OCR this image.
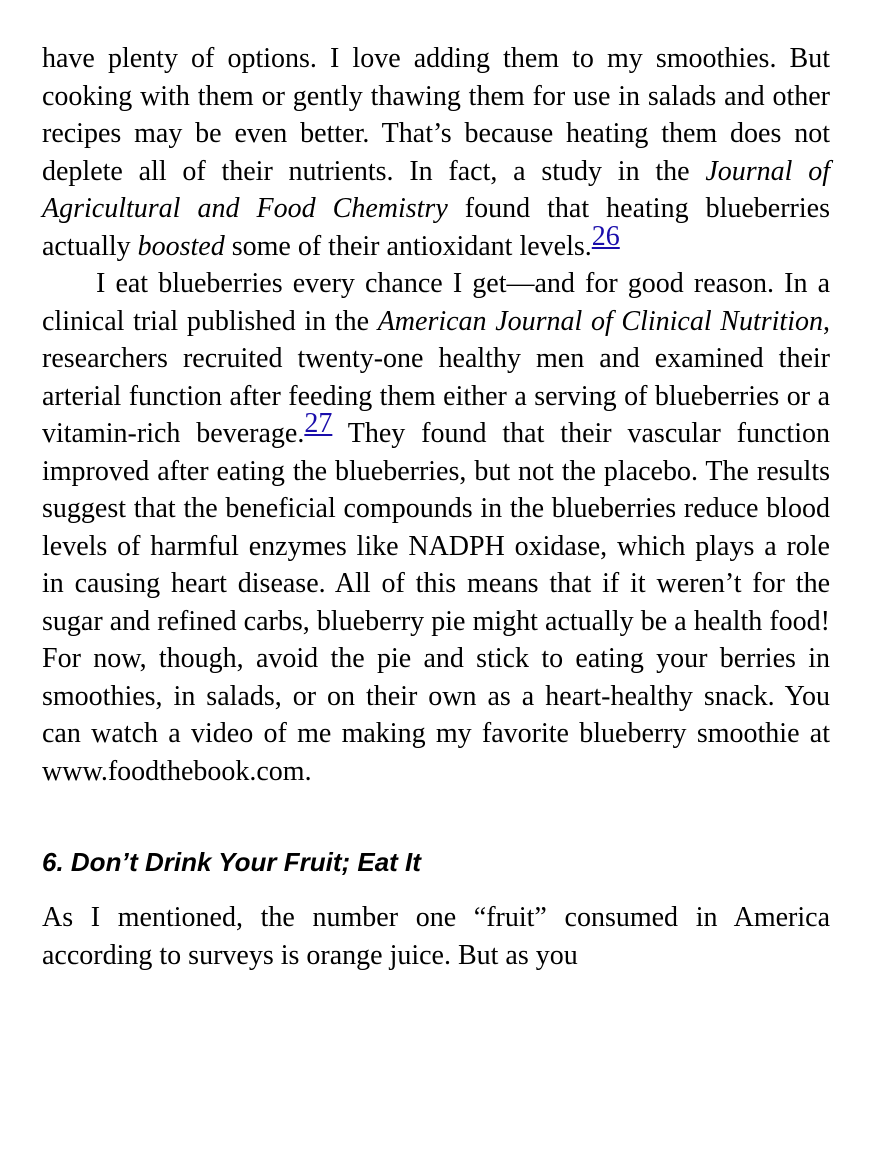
have plenty of options. I love adding them to my smoothies. But cooking with them or gently thawing them for use in salads and other recipes may be even better. That’s because heating them does not deplete all of their nutrients. In fact, a study in the Journal of Agricultural and Food Chemistry found that heating blueberries actually boosted some of their antioxidant levels.26

I eat blueberries every chance I get—and for good reason. In a clinical trial published in the American Journal of Clinical Nutrition, researchers recruited twenty-one healthy men and examined their arterial function after feeding them either a serving of blueberries or a vitamin-rich beverage.27 They found that their vascular function improved after eating the blueberries, but not the placebo. The results suggest that the beneficial compounds in the blueberries reduce blood levels of harmful enzymes like NADPH oxidase, which plays a role in causing heart disease. All of this means that if it weren’t for the sugar and refined carbs, blueberry pie might actually be a health food! For now, though, avoid the pie and stick to eating your berries in smoothies, in salads, or on their own as a heart-healthy snack. You can watch a video of me making my favorite blueberry smoothie at www.foodthebook.com.

6. Don’t Drink Your Fruit; Eat It

As I mentioned, the number one “fruit” consumed in America according to surveys is orange juice. But as you
